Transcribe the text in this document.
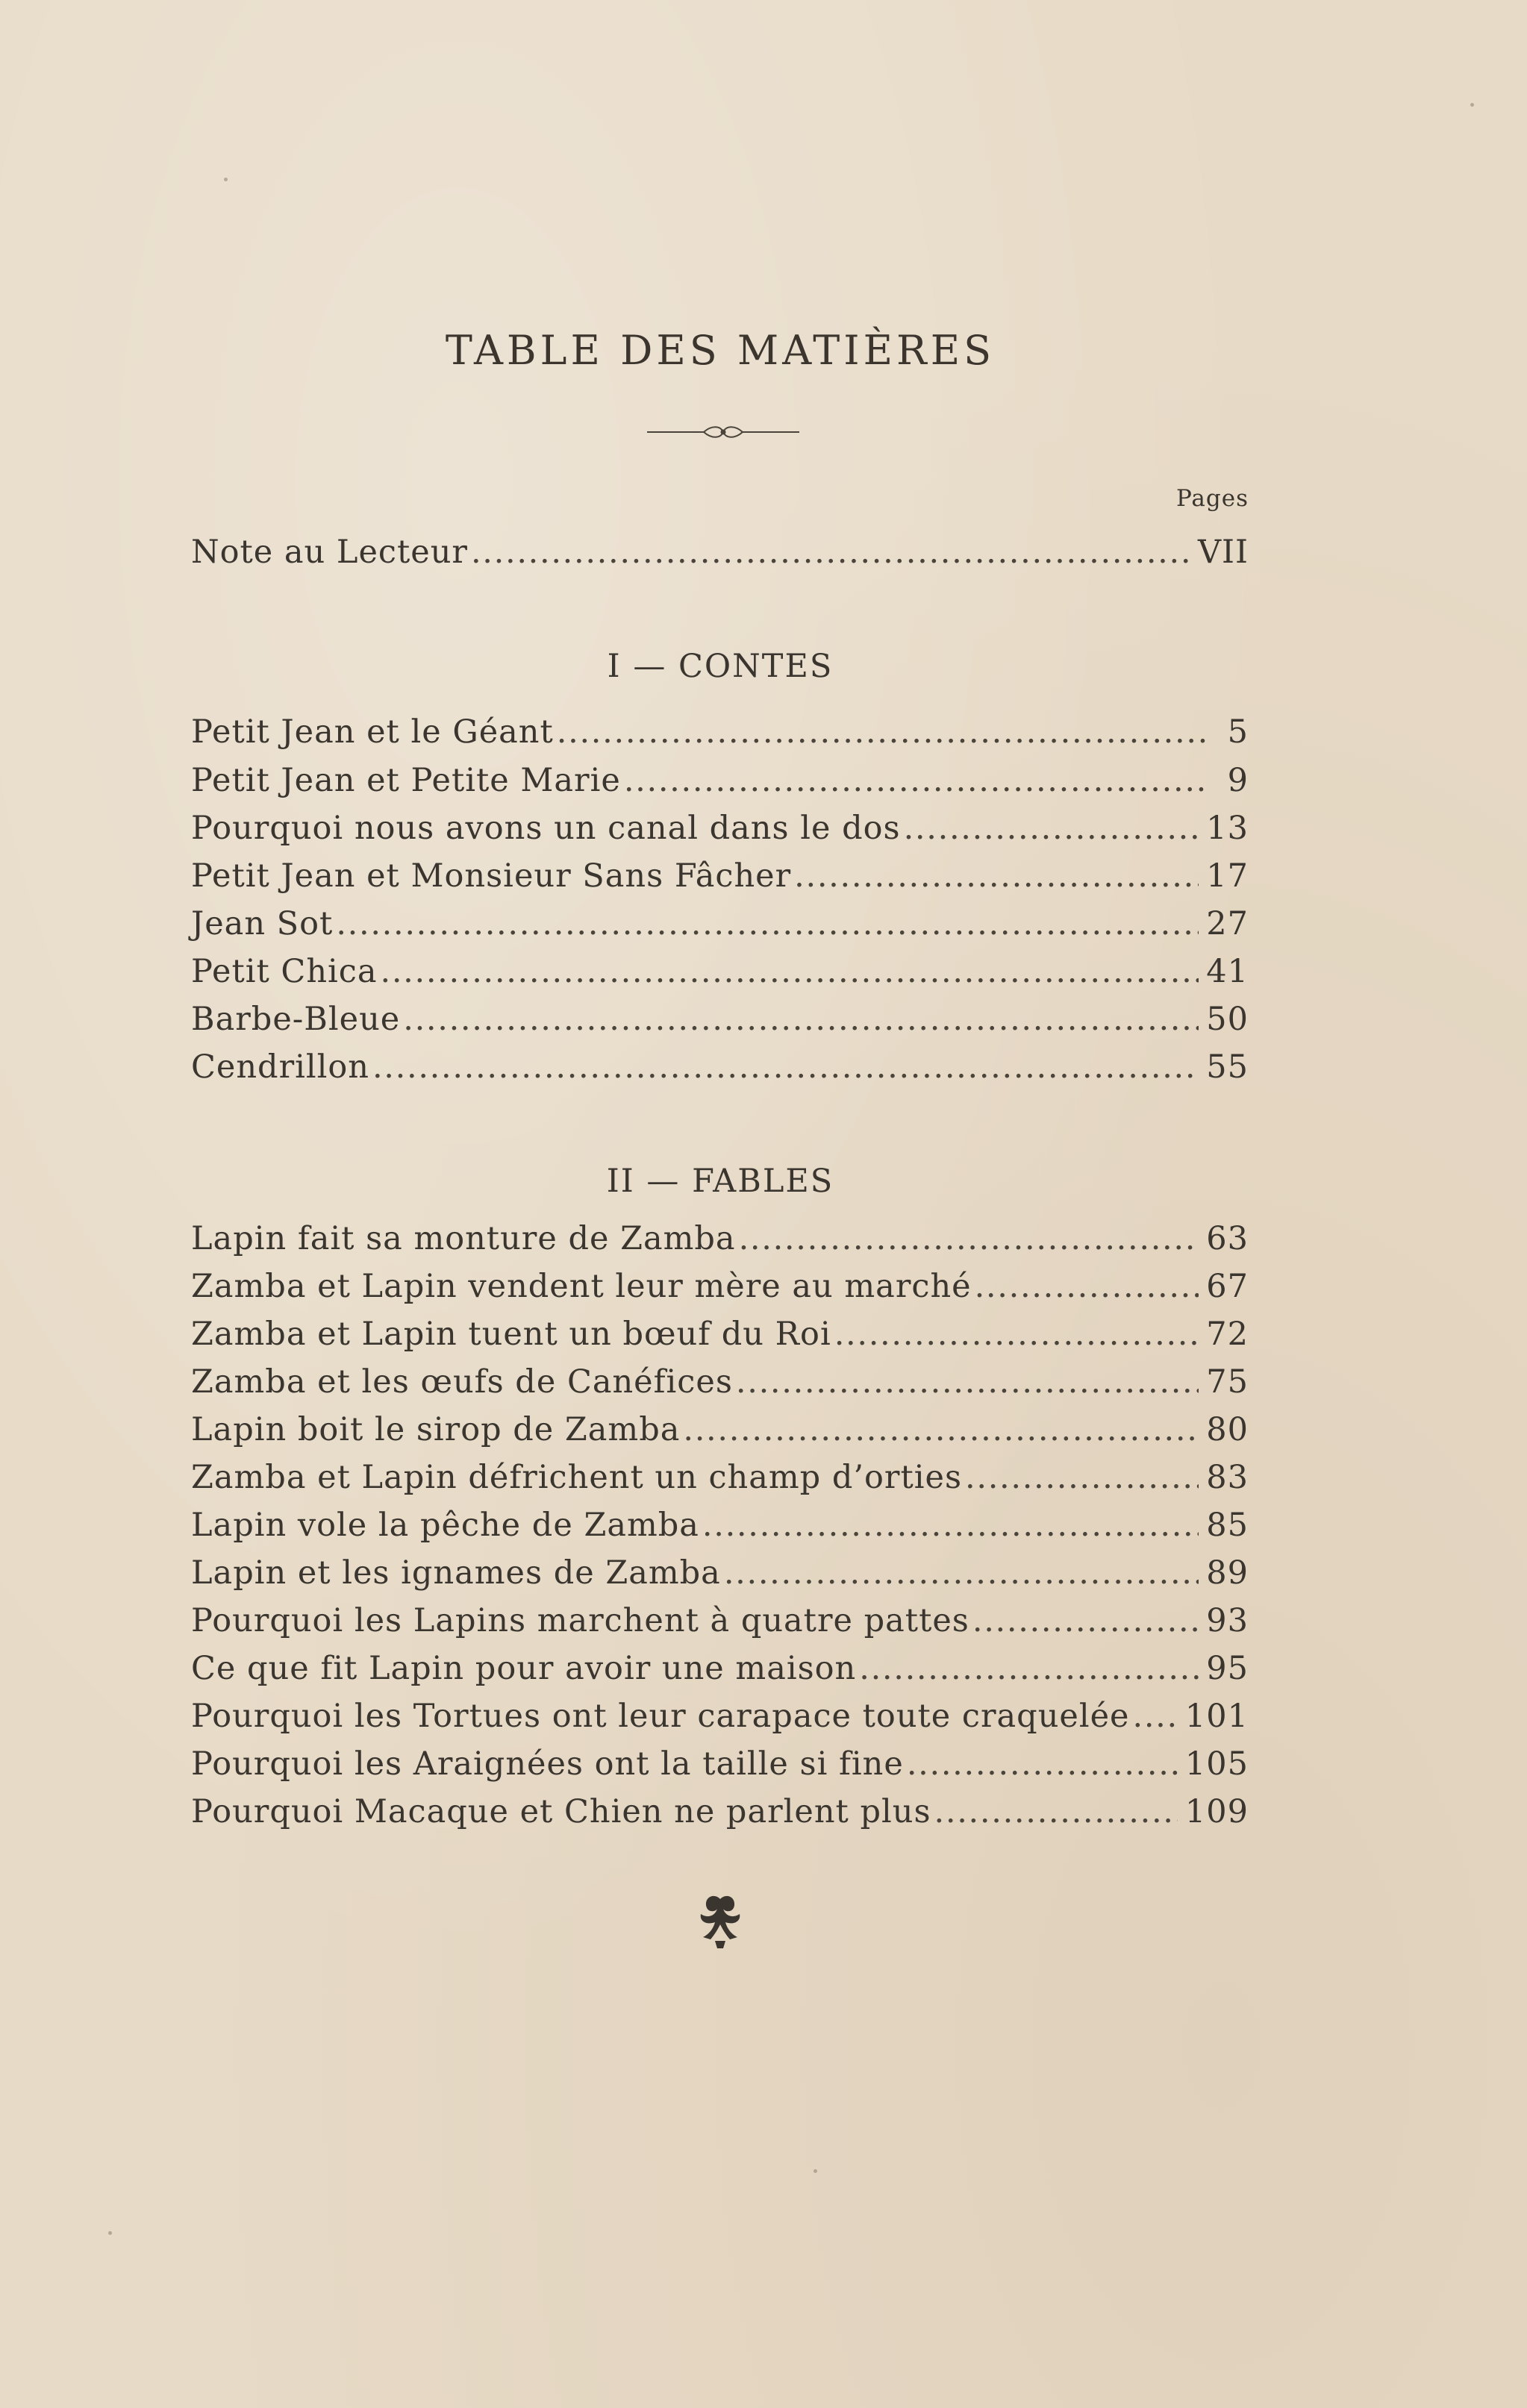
TABLE DES MATIÈRES
Pages
Note au Lecteur . . .	VII
I — CONTES
Petit Jean et le Géant . . .	5
Petit Jean et Petite Marie . . .	9
Pourquoi nous avons un canal dans le dos . . .	13
Petit Jean et Monsieur Sans Fâcher . . .	17
Jean Sot . . .	27
Petit Chica . . .	41
Barbe-Bleue . . .	50
Cendrillon . . .	55
II — FABLES
Lapin fait sa monture de Zamba . . .	63
Zamba et Lapin vendent leur mère au marché . . .	67
Zamba et Lapin tuent un bœuf du Roi . . .	72
Zamba et les œufs de Canéfices . . .	75
Lapin boit le sirop de Zamba . . .	80
Zamba et Lapin défrichent un champ d’orties . . .	83
Lapin vole la pêche de Zamba . . .	85
Lapin et les ignames de Zamba . . .	89
Pourquoi les Lapins marchent à quatre pattes . . .	93
Ce que fit Lapin pour avoir une maison . . .	95
Pourquoi les Tortues ont leur carapace toute craquelée . . . 101
Pourquoi les Araignées ont la taille si fine . . .	105
Pourquoi Macaque et Chien ne parlent plus . . .	109
